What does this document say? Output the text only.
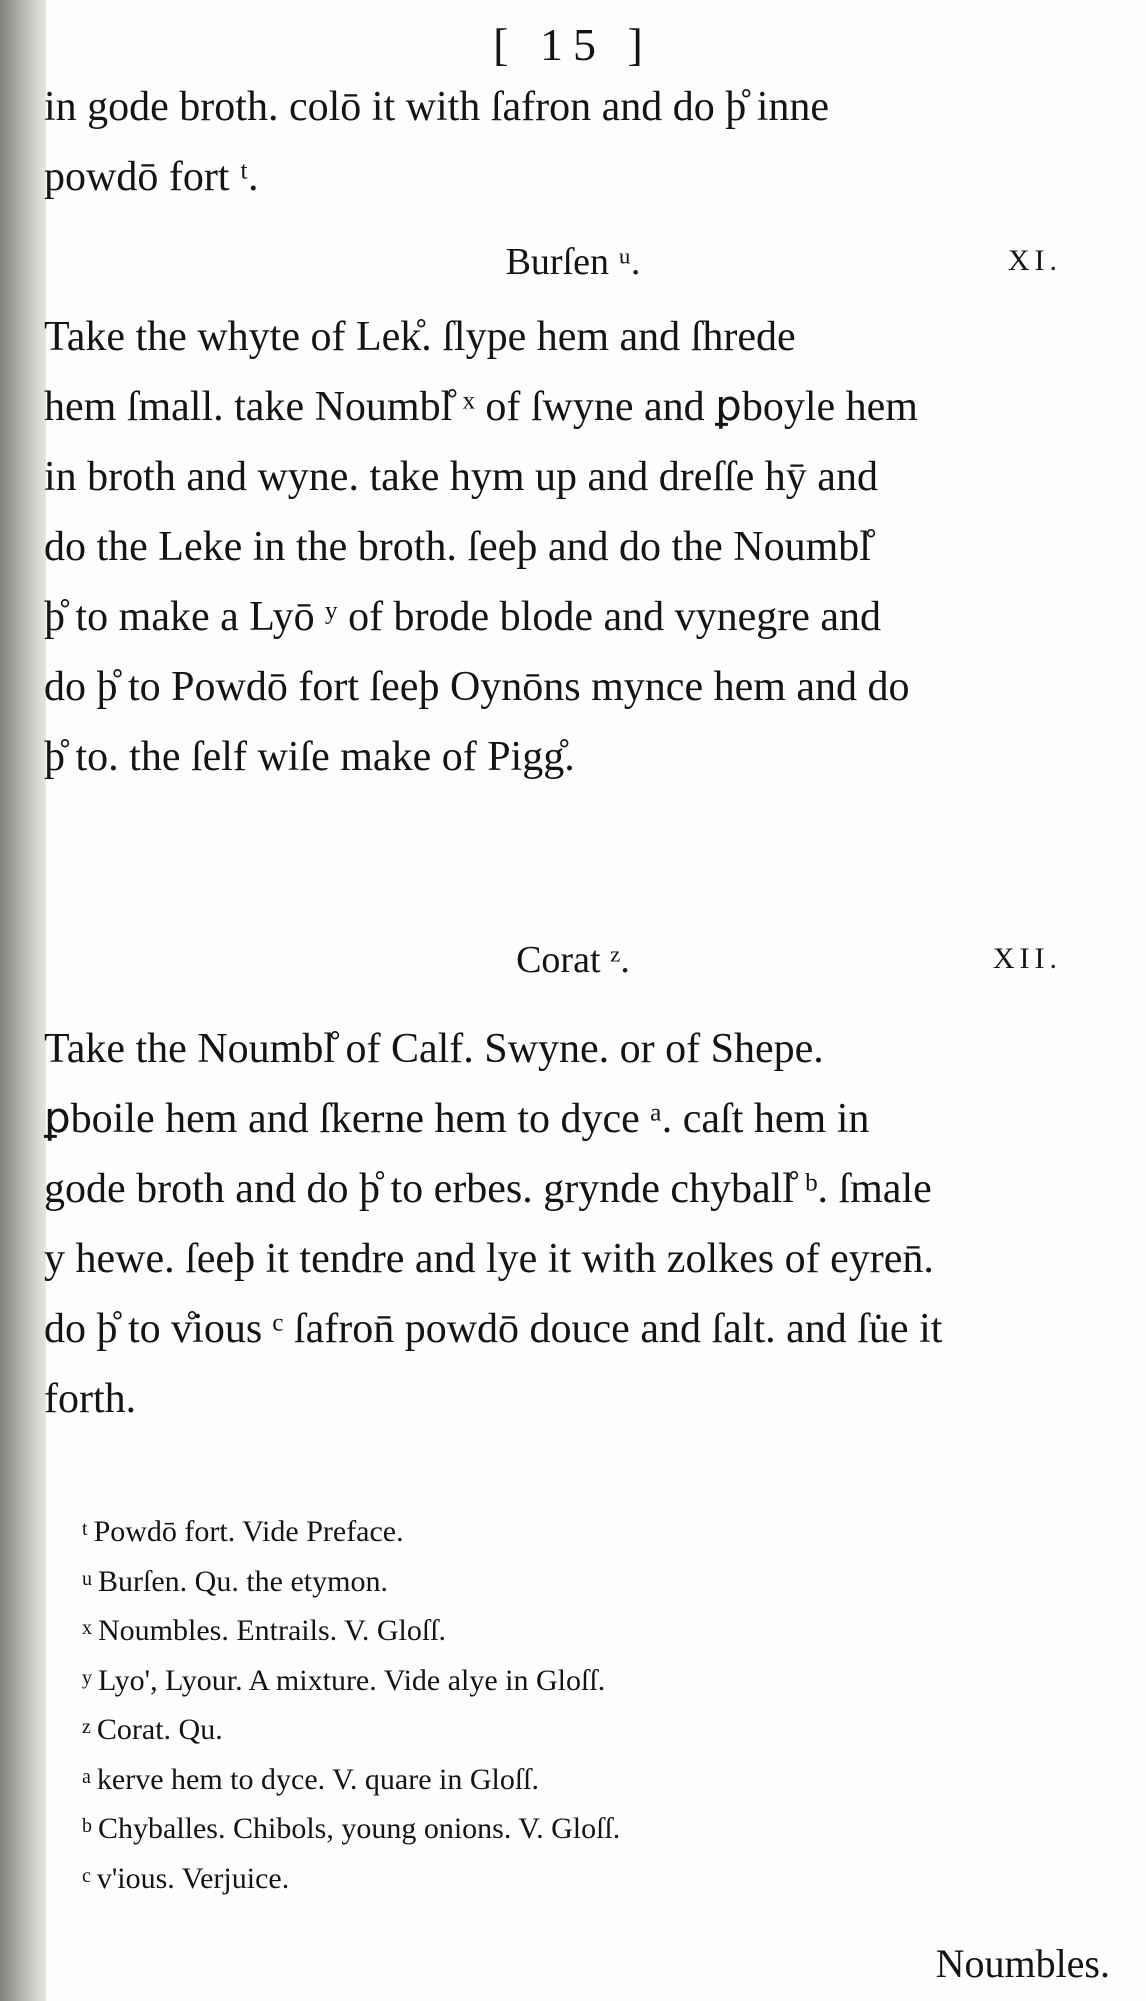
[ 15 ]
in gode broth. colō it with ſafron and do þ̊ inne
powdō fort ᵗ.
Burſen ᵘ.	XI.
Take the whyte of Lek̊. ſlype hem and ſhrede
hem ſmall. take Noumbl̊ ˣ of ſwyne and ꝑboyle hem
in broth and wyne. take hym up and dreſſe hȳ and
do the Leke in the broth. ſeeþ and do the Noumbl̊
þ̊ to make a Lyō ʸ of brode blode and vynegre and
do þ̊ to Powdō fort ſeeþ Oynōns mynce hem and do
þ̊ to. the ſelf wiſe make of Pigg̊.
Corat ᶻ.	XII.
Take the Noumbl̊ of Calf. Swyne. or of Shepe.
ꝑboile hem and ſkerne hem to dyce ᵃ. caſt hem in
gode broth and do þ̊ to erbes. grynde chyball̊ ᵇ. ſmale
y hewe. ſeeþ it tendre and lye it with zolkes of eyren̄.
do þ̊ to v̊ious ᶜ ſafron̄ powdō douce and ſalt. and ſu̇e it
forth.
$^t$ Powdō fort. Vide Preface.
$^u$ Burſen. Qu. the etymon.
$^x$ Noumbles. Entrails. V. Gloſſ.
$^y$ Lyo', Lyour. A mixture. Vide alye in Gloſſ.
$^z$ Corat. Qu.
$^a$ kerve hem to dyce. V. quare in Gloſſ.
$^b$ Chyballes. Chibols, young onions. V. Gloſſ.
$^c$ v'ious. Verjuice.
Noumbles.
